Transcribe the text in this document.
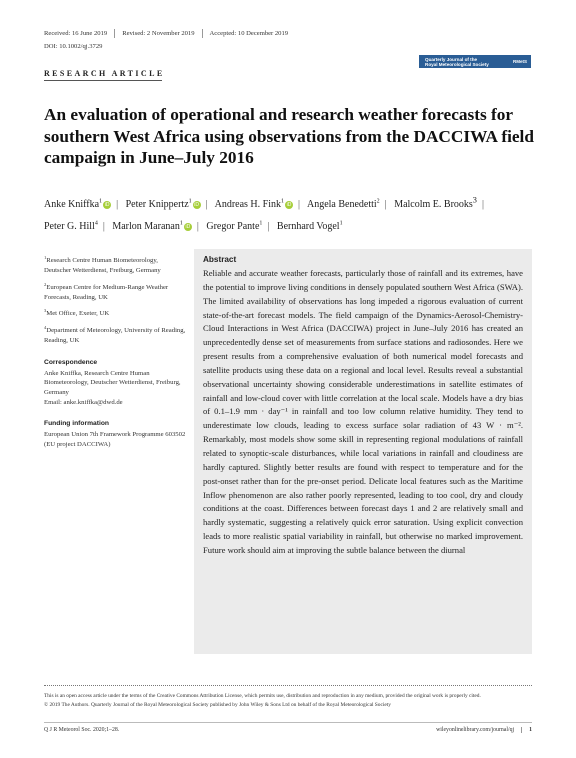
Received: 16 June 2019	Revised: 2 November 2019	Accepted: 10 December 2019
DOI: 10.1002/qj.3729
RESEARCH ARTICLE
Quarterly Journal of the
Royal Meteorological Society	RMetS
An evaluation of operational and research weather forecasts for southern West Africa using observations from the DACCIWA field campaign in June–July 2016
Anke Kniffka$^1$iD | Peter Knippertz$^1$iD | Andreas H. Fink$^1$iD | Angela Benedetti$^2$ | Malcolm E. Brooks$^3$ | Peter G. Hill$^4$ | Marlon Maranan$^1$iD | Gregor Pante$^1$ | Bernhard Vogel$^1$
$^1$Research Centre Human Biometeorology, Deutscher Wetterdienst, Freiburg, Germany
$^2$European Centre for Medium-Range Weather Forecasts, Reading, UK
$^3$Met Office, Exeter, UK
$^4$Department of Meteorology, University of Reading, Reading, UK
Correspondence

Anke Kniffka, Research Centre Human Biometeorology, Deutscher Wetterdienst, Freiburg, Germany

Email: anke.kniffka@dwd.de

Funding information

European Union 7th Framework Programme 603502 (EU project DACCIWA)

Abstract

Reliable and accurate weather forecasts, particularly those of rainfall and its extremes, have the potential to improve living conditions in densely populated southern West Africa (SWA). The limited availability of observations has long impeded a rigorous evaluation of current state-of-the-art forecast models. The field campaign of the Dynamics-Aerosol-Chemistry-Cloud Interactions in West Africa (DACCIWA) project in June–July 2016 has created an unprecedentedly dense set of measurements from surface stations and radiosondes. Here we present results from a comprehensive evaluation of both numerical model forecasts and satellite products using these data on a regional and local level. Results reveal a substantial observational uncertainty showing considerable underestimations in satellite estimates of rainfall and low-cloud cover with little correlation at the local scale. Models have a dry bias of 0.1–1.9 mm · day⁻¹ in rainfall and too low column relative humidity. They tend to underestimate low clouds, leading to excess surface solar radiation of 43 W · m⁻². Remarkably, most models show some skill in representing regional modulations of rainfall related to synoptic-scale disturbances, while local variations in rainfall and cloudiness are hardly captured. Slightly better results are found with respect to temperature and for the post-onset rather than for the pre-onset period. Delicate local features such as the Maritime Inflow phenomenon are also rather poorly represented, leading to too cool, dry and cloudy conditions at the coast. Differences between forecast days 1 and 2 are relatively small and hardly systematic, suggesting a relatively quick error saturation. Using explicit convection leads to more realistic spatial variability in rainfall, but otherwise no marked improvement. Future work should aim at improving the subtle balance between the diurnal

This is an open access article under the terms of the Creative Commons Attribution License, which permits use, distribution and reproduction in any medium, provided the original work is properly cited.

© 2019 The Authors. Quarterly Journal of the Royal Meteorological Society published by John Wiley & Sons Ltd on behalf of the Royal Meteorological Society

Q J R Meteorol Soc. 2020;1–28.	wileyonlinelibrary.com/journal/qj	1
